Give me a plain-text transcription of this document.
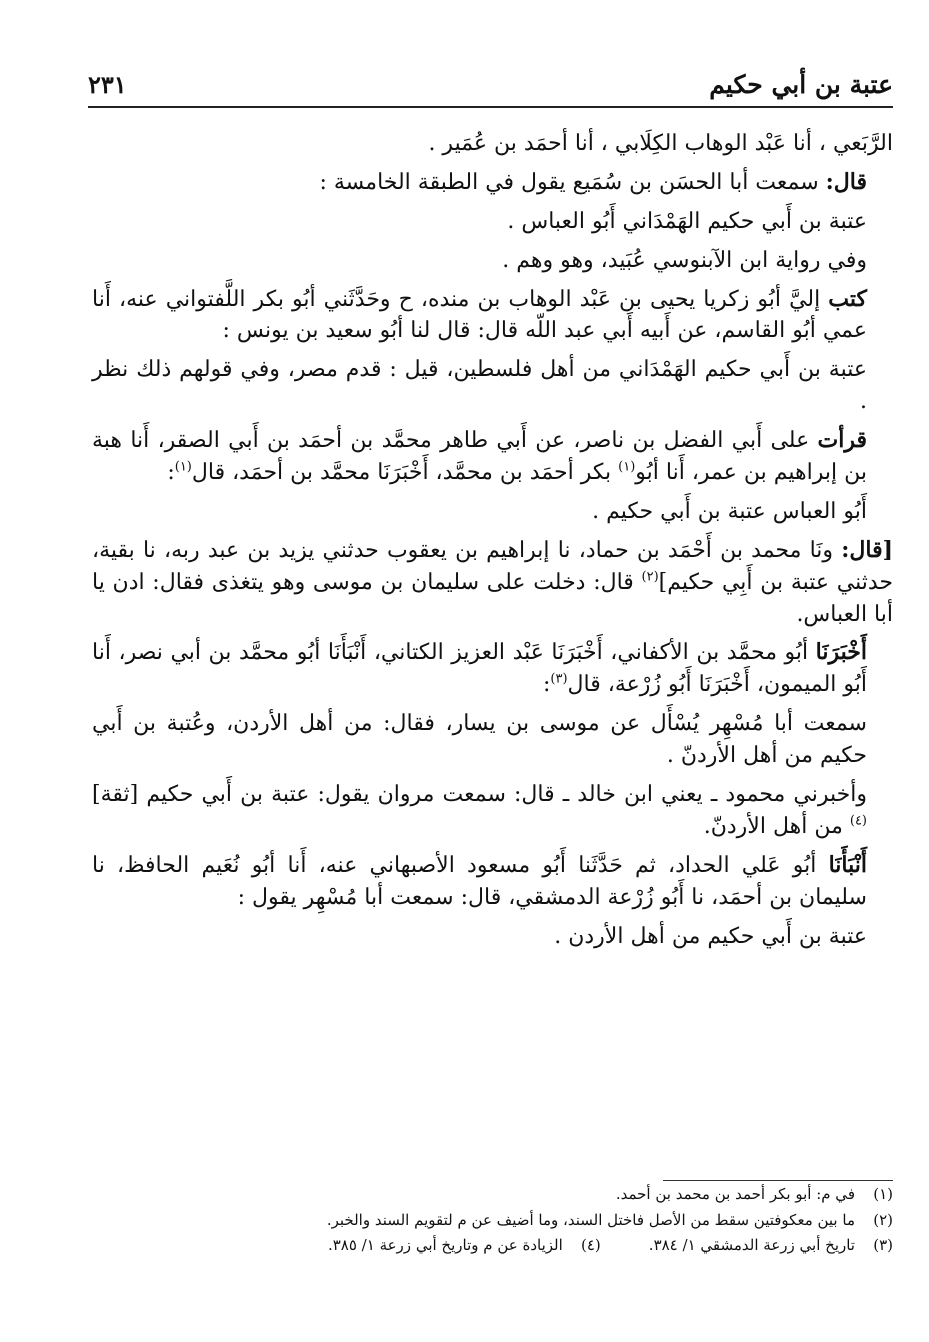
عتبة بن أبي حكيم
٢٣١

الرَّبَعي ، أنا عَبْد الوهاب الكِلَابي ، أنا أحمَد بن عُمَير .

قال: سمعت أبا الحسَن بن سُمَيع يقول في الطبقة الخامسة :

عتبة بن أَبي حكيم الهَمْدَاني أَبُو العباس .

وفي رواية ابن الآبنوسي عُبَيد، وهو وهم .

كتب إليَّ أبُو زكريا يحيى بن عَبْد الوهاب بن منده، ح وحَدَّثَني أبُو بكر اللَّفتواني عنه، أَنا عمي أبُو القاسم، عن أَبيه أَبي عبد اللّه قال: قال لنا أبُو سعيد بن يونس :

عتبة بن أَبي حكيم الهَمْدَاني من أهل فلسطين، قيل : قدم مصر، وفي قولهم ذلك نظر .

قرأت على أَبي الفضل بن ناصر، عن أَبي طاهر محمَّد بن أحمَد بن أَبي الصقر، أَنا هبة بن إبراهيم بن عمر، أَنا أبُو$^{(١)}$ بكر أحمَد بن محمَّد، أَخْبَرَنَا محمَّد بن أحمَد، قال$^{(١)}$:

أَبُو العباس عتبة بن أَبي حكيم .

[قال: ونَا محمد بن أَحْمَد بن حماد، نا إبراهيم بن يعقوب حدثني يزيد بن عبد ربه، نا بقية، حدثني عتبة بن أَبِي حكيم]$^{(٢)}$ قال: دخلت على سليمان بن موسى وهو يتغذى فقال: ادن يا أبا العباس.

أَخْبَرَنَا أبُو محمَّد بن الأكفاني، أَخْبَرَنَا عَبْد العزيز الكتاني، أَنْبَأَنَا أبُو محمَّد بن أبي نصر، أَنا أَبُو الميمون، أَخْبَرَنَا أَبُو زُرْعة، قال$^{(٣)}$:

سمعت أبا مُسْهِر يُسْأَل عن موسى بن يسار، فقال: من أهل الأردن، وعُتبة بن أَبي حكيم من أهل الأردنّ .

وأخبرني محمود ـ يعني ابن خالد ـ قال: سمعت مروان يقول: عتبة بن أَبي حكيم [ثقة]$^{(٤)}$ من أهل الأردنّ.

أَنْبَأَنَا أبُو عَلي الحداد، ثم حَدَّثَنا أَبُو مسعود الأصبهاني عنه، أَنا أبُو نُعَيم الحافظ، نا سليمان بن أحمَد، نا أَبُو زُرْعة الدمشقي، قال: سمعت أبا مُسْهِر يقول :

عتبة بن أَبي حكيم من أهل الأردن .

(١)
في م: أبو بكر أحمد بن محمد بن أحمد.
(٢)
ما بين معكوفتين سقط من الأصل فاختل السند، وما أضيف عن م لتقويم السند والخبر.
(٣)
تاريخ أبي زرعة الدمشقي ١/ ٣٨٤.
(٤)
الزيادة عن م وتاريخ أبي زرعة ١/ ٣٨٥.
